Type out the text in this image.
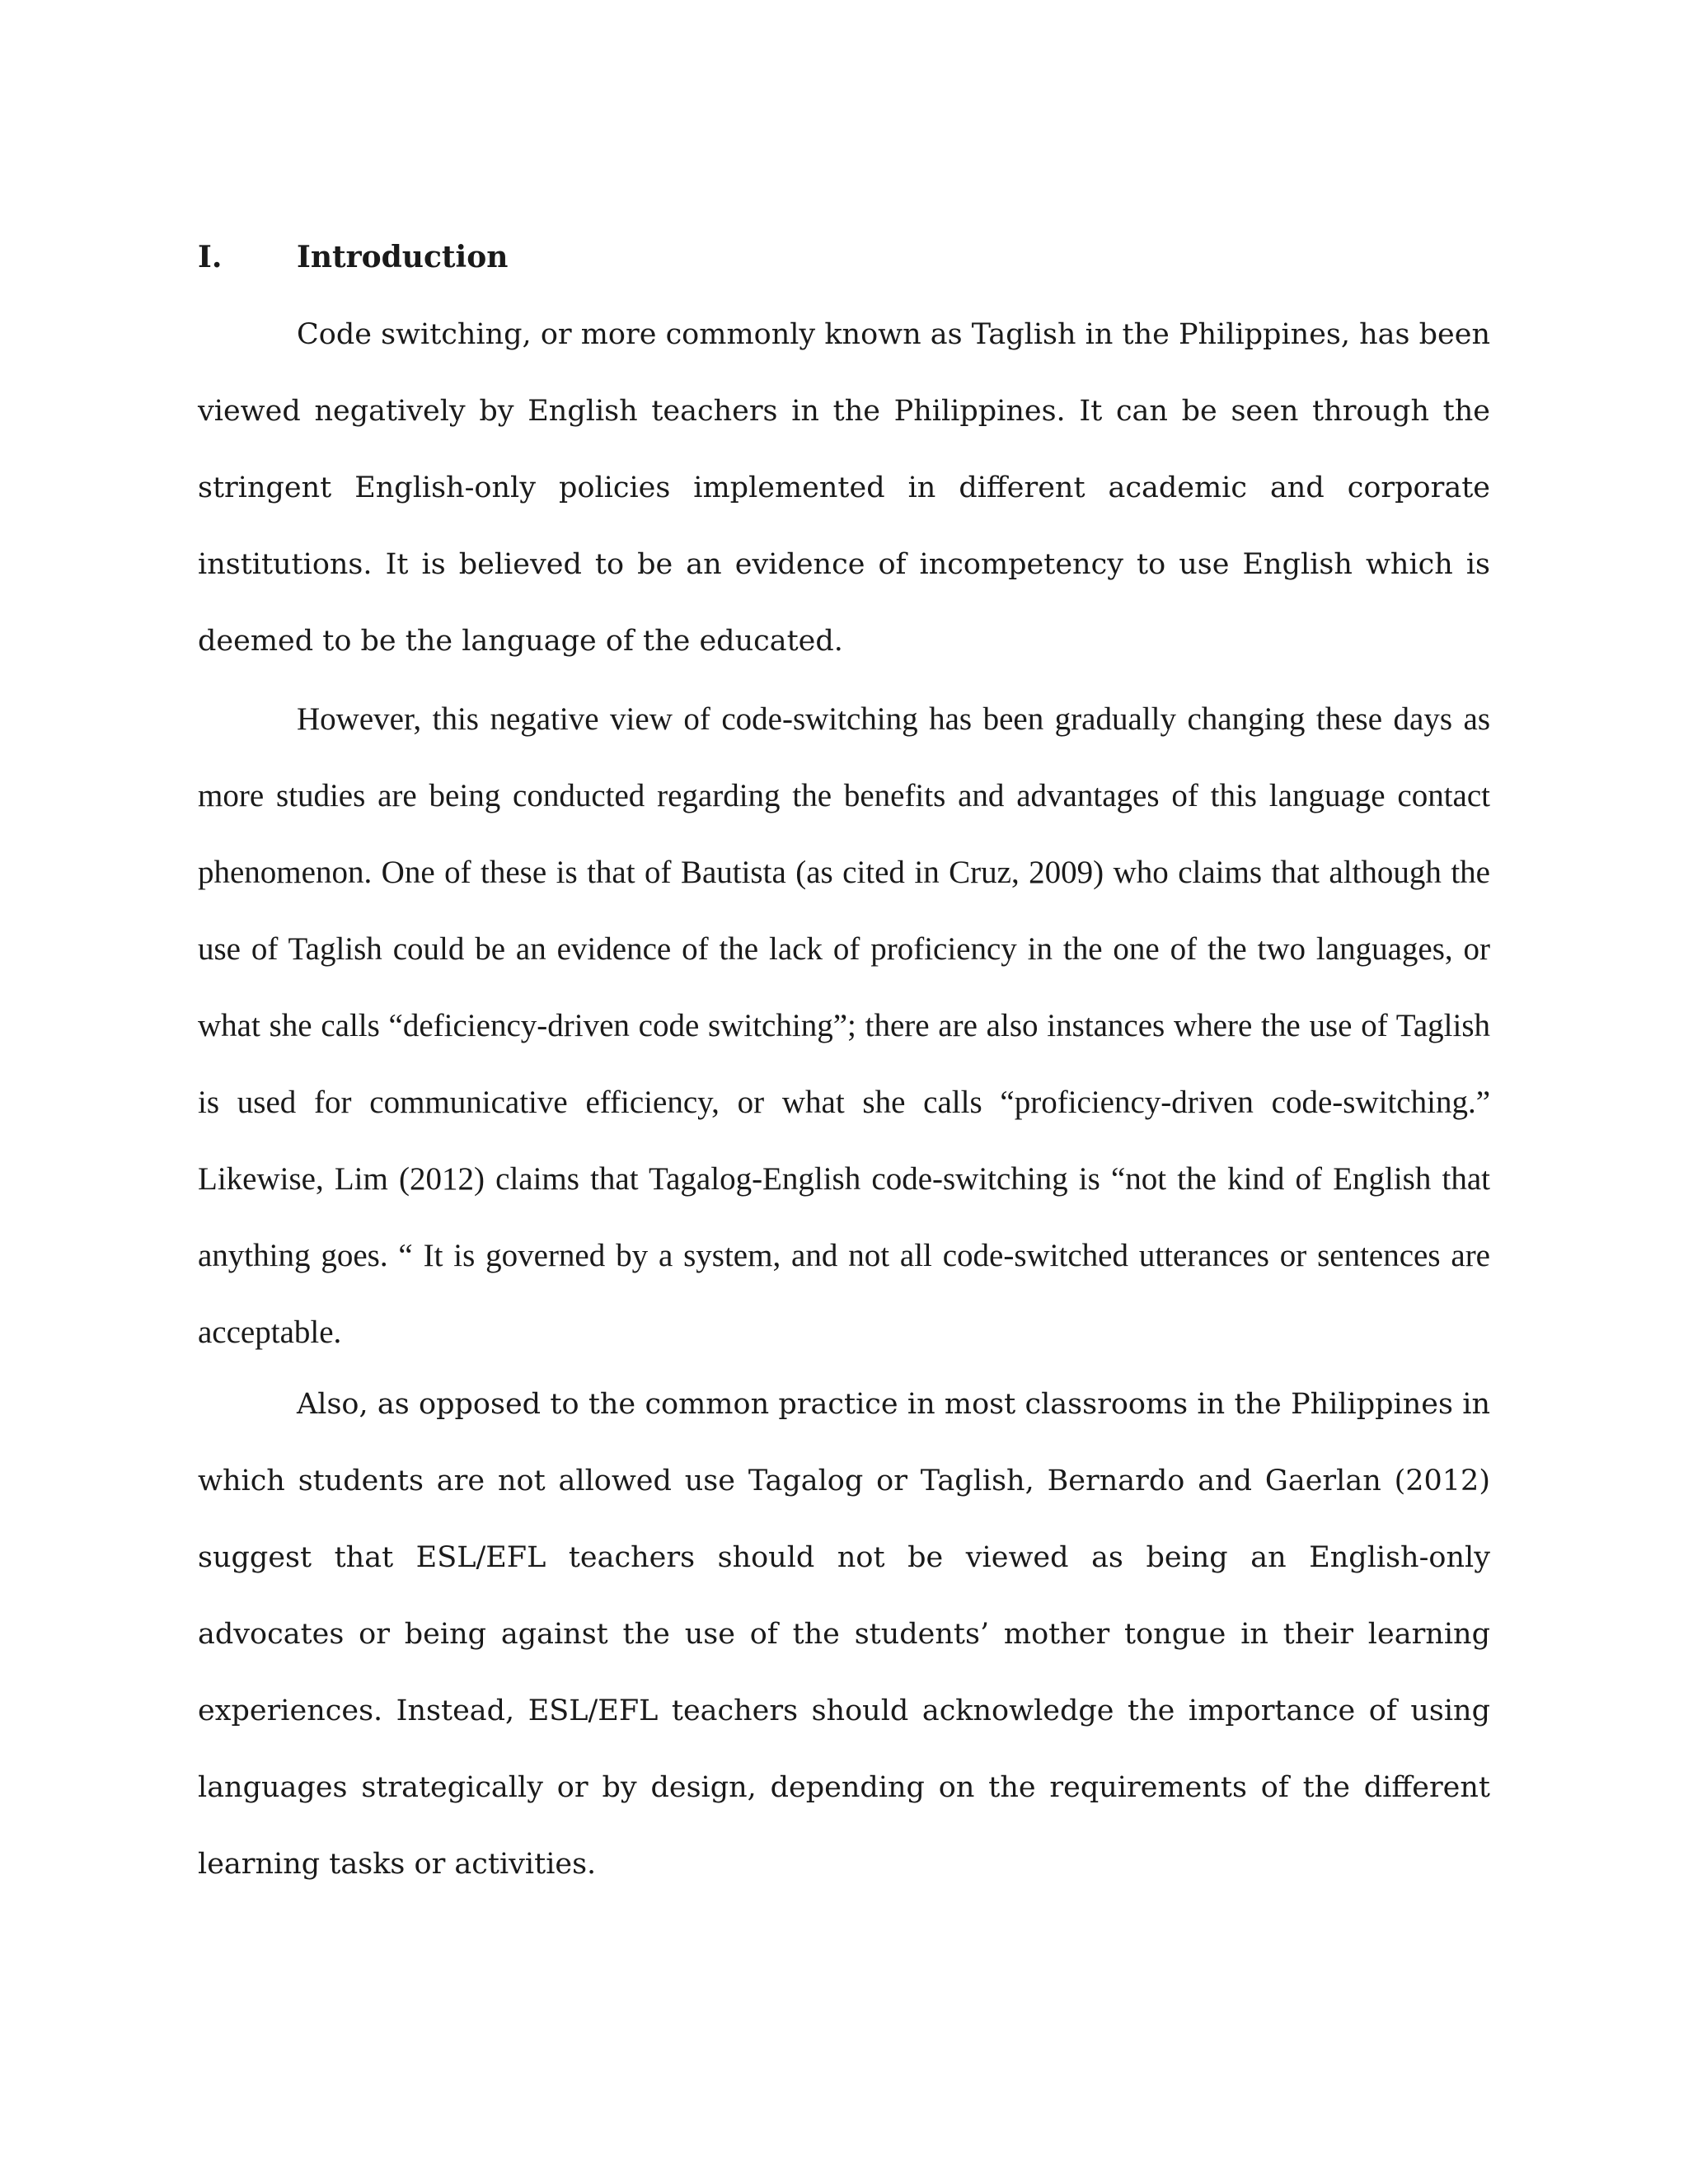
I.	Introduction

Code switching, or more commonly known as Taglish in the Philippines, has been viewed negatively by English teachers in the Philippines. It can be seen through the stringent English-only policies implemented in different academic and corporate institutions. It is believed to be an evidence of incompetency to use English which is deemed to be the language of the educated.

However, this negative view of code-switching has been gradually changing these days as more studies are being conducted regarding the benefits and advantages of this language contact phenomenon. One of these is that of Bautista (as cited in Cruz, 2009) who claims that although the use of Taglish could be an evidence of the lack of proficiency in the one of the two languages, or what she calls “deficiency-driven code switching”; there are also instances where the use of Taglish is used for communicative efficiency, or what she calls “proficiency-driven code-switching.” Likewise, Lim (2012) claims that Tagalog-English code-switching is “not the kind of English that anything goes. “ It is governed by a system, and not all code-switched utterances or sentences are acceptable.

Also, as opposed to the common practice in most classrooms in the Philippines in which students are not allowed use Tagalog or Taglish, Bernardo and Gaerlan (2012) suggest that ESL/EFL teachers should not be viewed as being an English-only advocates or being against the use of the students’ mother tongue in their learning experiences. Instead, ESL/EFL teachers should acknowledge the importance of using languages strategically or by design, depending on the requirements of the different learning tasks or activities.
